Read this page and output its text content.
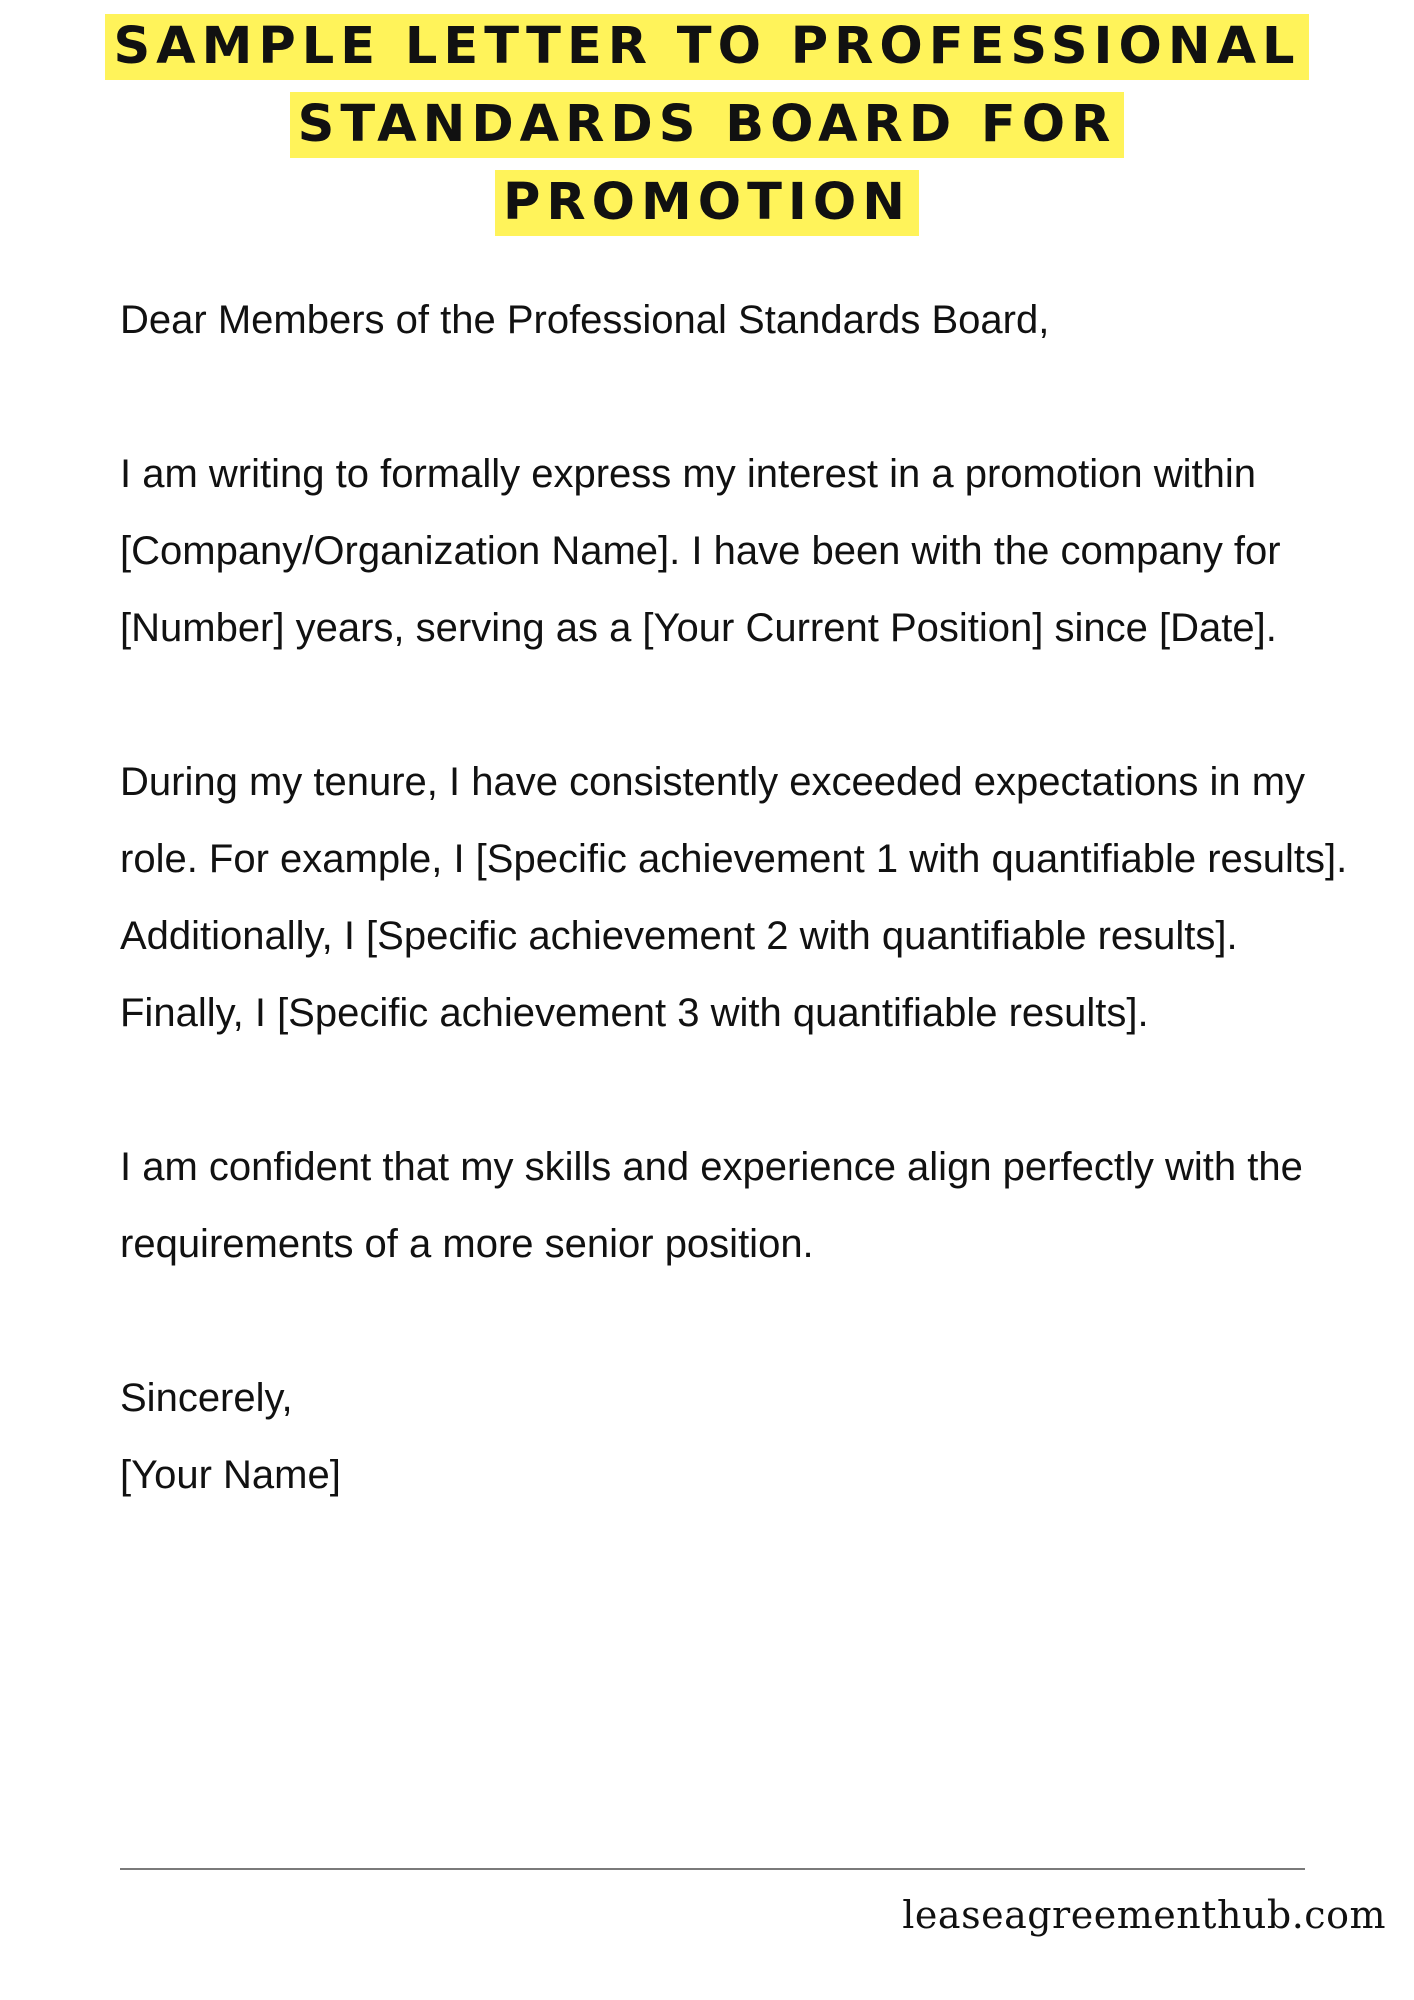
SAMPLE LETTER TO PROFESSIONAL
STANDARDS BOARD FOR
PROMOTION

Dear Members of the Professional Standards Board,

I am writing to formally express my interest in a promotion within [Company/Organization Name]. I have been with the company for [Number] years, serving as a [Your Current Position] since [Date].

During my tenure, I have consistently exceeded expectations in my role. For example, I [Specific achievement 1 with quantifiable results]. Additionally, I [Specific achievement 2 with quantifiable results]. Finally, I [Specific achievement 3 with quantifiable results].

I am confident that my skills and experience align perfectly with the requirements of a more senior position.

Sincerely,

[Your Name]

leaseagreementhub.com
